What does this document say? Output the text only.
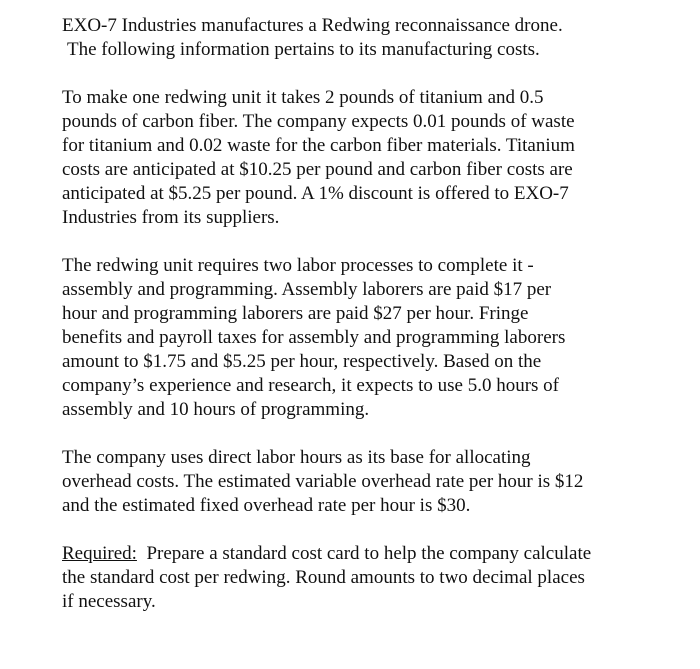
EXO-7 Industries manufactures a Redwing reconnaissance drone.
The following information pertains to its manufacturing costs.

To make one redwing unit it takes 2 pounds of titanium and 0.5
pounds of carbon fiber. The company expects 0.01 pounds of waste
for titanium and 0.02 waste for the carbon fiber materials. Titanium
costs are anticipated at $10.25 per pound and carbon fiber costs are
anticipated at $5.25 per pound. A 1% discount is offered to EXO-7
Industries from its suppliers.

The redwing unit requires two labor processes to complete it -
assembly and programming. Assembly laborers are paid $17 per
hour and programming laborers are paid $27 per hour. Fringe
benefits and payroll taxes for assembly and programming laborers
amount to $1.75 and $5.25 per hour, respectively. Based on the
company’s experience and research, it expects to use 5.0 hours of
assembly and 10 hours of programming.

The company uses direct labor hours as its base for allocating
overhead costs. The estimated variable overhead rate per hour is $12
and the estimated fixed overhead rate per hour is $30.

Required:  Prepare a standard cost card to help the company calculate
the standard cost per redwing. Round amounts to two decimal places
if necessary.
